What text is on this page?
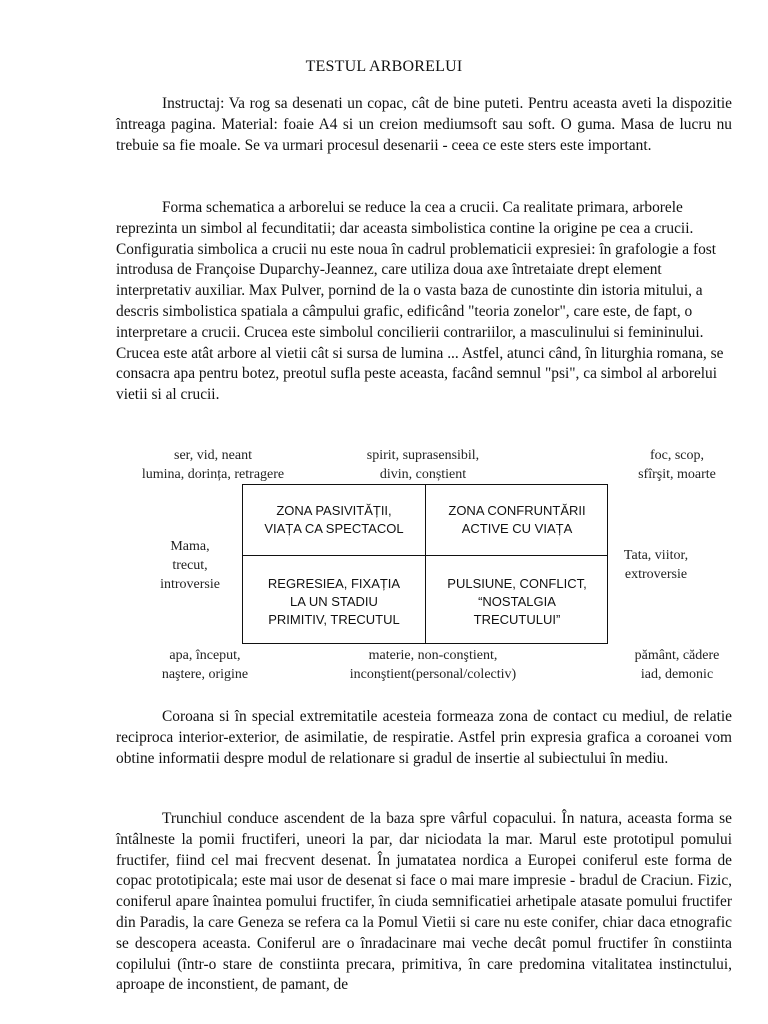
TESTUL ARBORELUI

Instructaj: Va rog sa desenati un copac, cât de bine puteti. Pentru aceasta aveti la dispozitie întreaga pagina. Material: foaie A4 si un creion mediumsoft sau soft. O guma. Masa de lucru nu trebuie sa fie moale. Se va urmari procesul desenarii - ceea ce este sters este important.

Forma schematica a arborelui se reduce la cea a crucii. Ca realitate primara, arborele reprezinta un simbol al fecunditatii; dar aceasta simbolistica contine la origine pe cea a crucii. Configuratia simbolica a crucii nu este noua în cadrul problematicii expresiei: în grafologie a fost introdusa de Françoise Duparchy-Jeannez, care utiliza doua axe întretaiate drept element interpretativ auxiliar. Max Pulver, pornind de la o vasta baza de cunostinte din istoria mitului, a descris simbolistica spatiala a câmpului grafic, edificând "teoria zonelor", care este, de fapt, o interpretare a crucii. Crucea este simbolul concilierii contrariilor, a masculinului si femininului. Crucea este atât arbore al vietii cât si sursa de lumina ... Astfel, atunci când, în liturghia romana, se consacra apa pentru botez, preotul sufla peste aceasta, facând semnul "psi", ca simbol al arborelui vietii si al crucii.

ser, vid, neant
lumina, dorința, retragere
spirit, suprasensibil,
divin, conștient
foc, scop,
sfîrşit, moarte
Mama,
trecut,
introversie
Tata, viitor,
extroversie
ZONA PASIVITĂȚII,
VIAȚA CA SPECTACOL
ZONA CONFRUNTĂRII
ACTIVE CU VIAȚA
REGRESIEA, FIXAȚIA
LA UN STADIU
PRIMITIV, TRECUTUL
PULSIUNE, CONFLICT,
“NOSTALGIA
TRECUTULUI”
apa, început,
naştere, origine
materie, non-conştient,
inconştient(personal/colectiv)
pământ, cădere
iad, demonic

Coroana si în special extremitatile acesteia formeaza zona de contact cu mediul, de relatie reciproca interior-exterior, de asimilatie, de respiratie. Astfel prin expresia grafica a coroanei vom obtine informatii despre modul de relationare si gradul de insertie al subiectului în mediu.

Trunchiul conduce ascendent de la baza spre vârful copacului. În natura, aceasta forma se întâlneste la pomii fructiferi, uneori la par, dar niciodata la mar. Marul este prototipul pomului fructifer, fiind cel mai frecvent desenat. În jumatatea nordica a Europei coniferul este forma de copac prototipicala; este mai usor de desenat si face o mai mare impresie - bradul de Craciun. Fizic, coniferul apare înaintea pomului fructifer, în ciuda semnificatiei arhetipale atasate pomului fructifer din Paradis, la care Geneza se refera ca la Pomul Vietii si care nu este conifer, chiar daca etnografic se descopera aceasta. Coniferul are o înradacinare mai veche decât pomul fructifer în constiinta copilului (într-o stare de constiinta precara, primitiva, în care predomina vitalitatea instinctului, aproape de inconstient, de pamant, de
